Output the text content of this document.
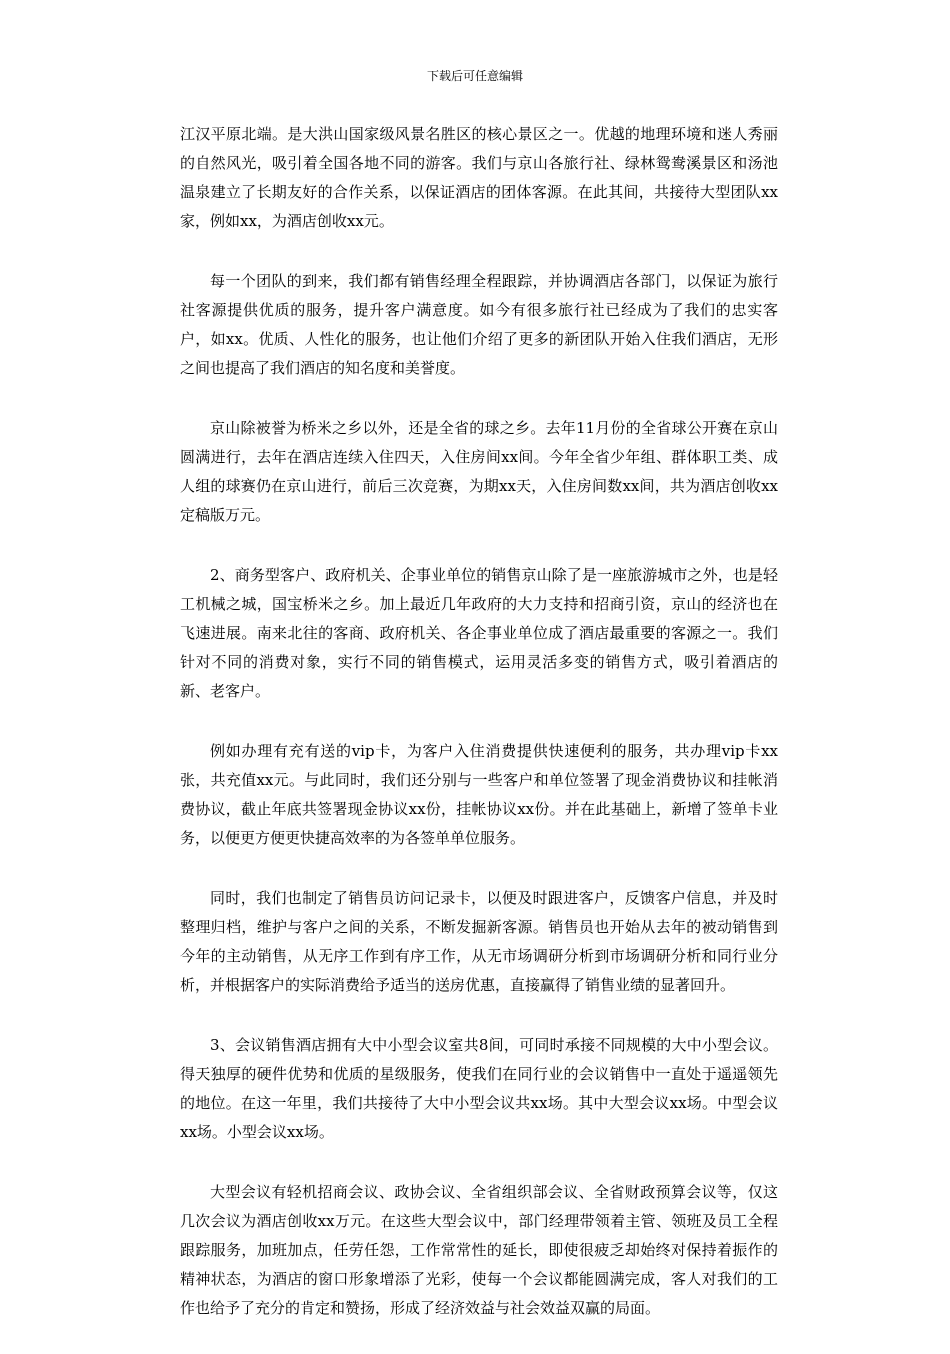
下载后可任意编辑

江汉平原北端。是大洪山国家级风景名胜区的核心景区之一。优越的地理环境和迷人秀丽的自然风光，吸引着全国各地不同的游客。我们与京山各旅行社、绿林鸳鸯溪景区和汤池温泉建立了长期友好的合作关系，以保证酒店的团体客源。在此其间，共接待大型团队xx家，例如xx，为酒店创收xx元。

每一个团队的到来，我们都有销售经理全程跟踪，并协调酒店各部门，以保证为旅行社客源提供优质的服务，提升客户满意度。如今有很多旅行社已经成为了我们的忠实客户，如xx。优质、人性化的服务，也让他们介绍了更多的新团队开始入住我们酒店，无形之间也提高了我们酒店的知名度和美誉度。

京山除被誉为桥米之乡以外，还是全省的球之乡。去年11月份的全省球公开赛在京山圆满进行，去年在酒店连续入住四天，入住房间xx间。今年全省少年组、群体职工类、成人组的球赛仍在京山进行，前后三次竞赛，为期xx天，入住房间数xx间，共为酒店创收xx定稿版万元。

2、商务型客户、政府机关、企事业单位的销售京山除了是一座旅游城市之外，也是轻工机械之城，国宝桥米之乡。加上最近几年政府的大力支持和招商引资，京山的经济也在飞速进展。南来北往的客商、政府机关、各企事业单位成了酒店最重要的客源之一。我们针对不同的消费对象，实行不同的销售模式，运用灵活多变的销售方式，吸引着酒店的新、老客户。

例如办理有充有送的vip卡，为客户入住消费提供快速便利的服务，共办理vip卡xx张，共充值xx元。与此同时，我们还分别与一些客户和单位签署了现金消费协议和挂帐消费协议，截止年底共签署现金协议xx份，挂帐协议xx份。并在此基础上，新增了签单卡业务，以便更方便更快捷高效率的为各签单单位服务。

同时，我们也制定了销售员访问记录卡，以便及时跟进客户，反馈客户信息，并及时整理归档，维护与客户之间的关系，不断发掘新客源。销售员也开始从去年的被动销售到今年的主动销售，从无序工作到有序工作，从无市场调研分析到市场调研分析和同行业分析，并根据客户的实际消费给予适当的送房优惠，直接赢得了销售业绩的显著回升。

3、会议销售酒店拥有大中小型会议室共8间，可同时承接不同规模的大中小型会议。得天独厚的硬件优势和优质的星级服务，使我们在同行业的会议销售中一直处于遥遥领先的地位。在这一年里，我们共接待了大中小型会议共xx场。其中大型会议xx场。中型会议xx场。小型会议xx场。

大型会议有轻机招商会议、政协会议、全省组织部会议、全省财政预算会议等，仅这几次会议为酒店创收xx万元。在这些大型会议中，部门经理带领着主管、领班及员工全程跟踪服务，加班加点，任劳任怨，工作常常性的延长，即使很疲乏却始终对保持着振作的精神状态，为酒店的窗口形象增添了光彩，使每一个会议都能圆满完成，客人对我们的工作也给予了充分的肯定和赞扬，形成了经济效益与社会效益双赢的局面。
